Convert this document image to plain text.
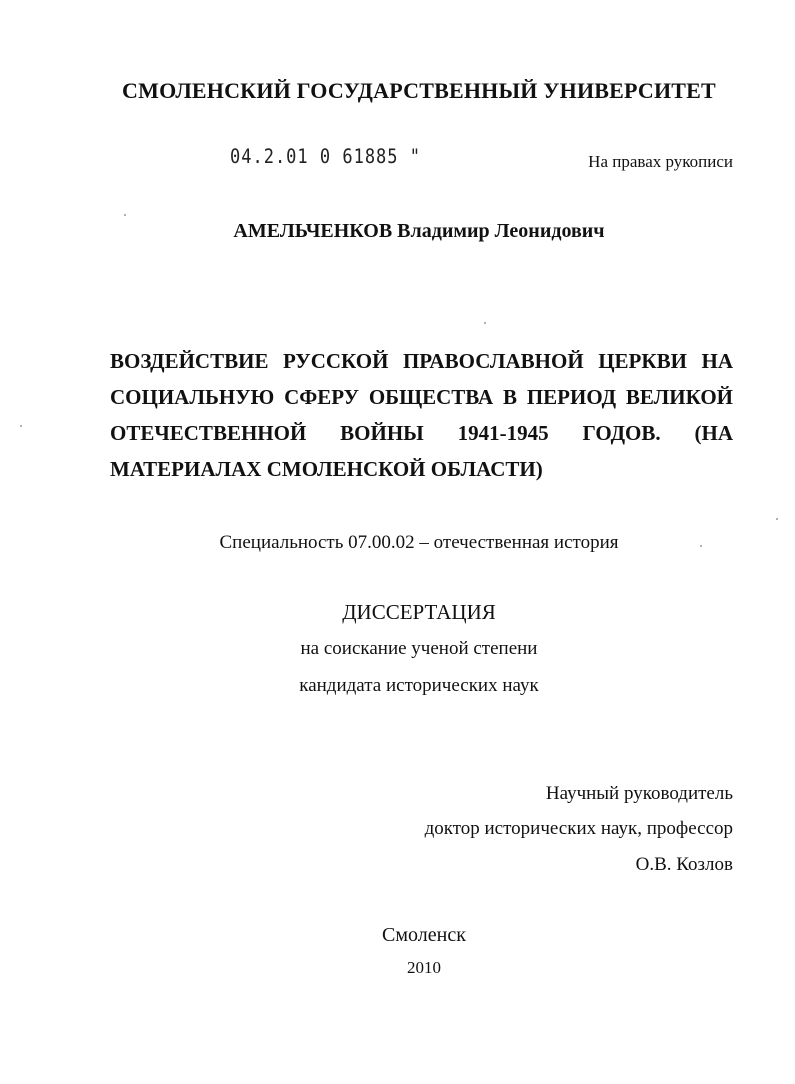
СМОЛЕНСКИЙ ГОСУДАРСТВЕННЫЙ УНИВЕРСИТЕТ
04.2.01 0 61885 "	На правах рукописи
АМЕЛЬЧЕНКОВ Владимир Леонидович
ВОЗДЕЙСТВИЕ РУССКОЙ ПРАВОСЛАВНОЙ ЦЕРКВИ НА
СОЦИАЛЬНУЮ СФЕРУ ОБЩЕСТВА В ПЕРИОД ВЕЛИКОЙ
ОТЕЧЕСТВЕННОЙ ВОЙНЫ 1941-1945 ГОДОВ. (НА
МАТЕРИАЛАХ СМОЛЕНСКОЙ ОБЛАСТИ)
Специальность 07.00.02 – отечественная история
ДИССЕРТАЦИЯ
на соискание ученой степени
кандидата исторических наук
Научный руководитель
доктор исторических наук, профессор
О.В. Козлов
Смоленск
2010
